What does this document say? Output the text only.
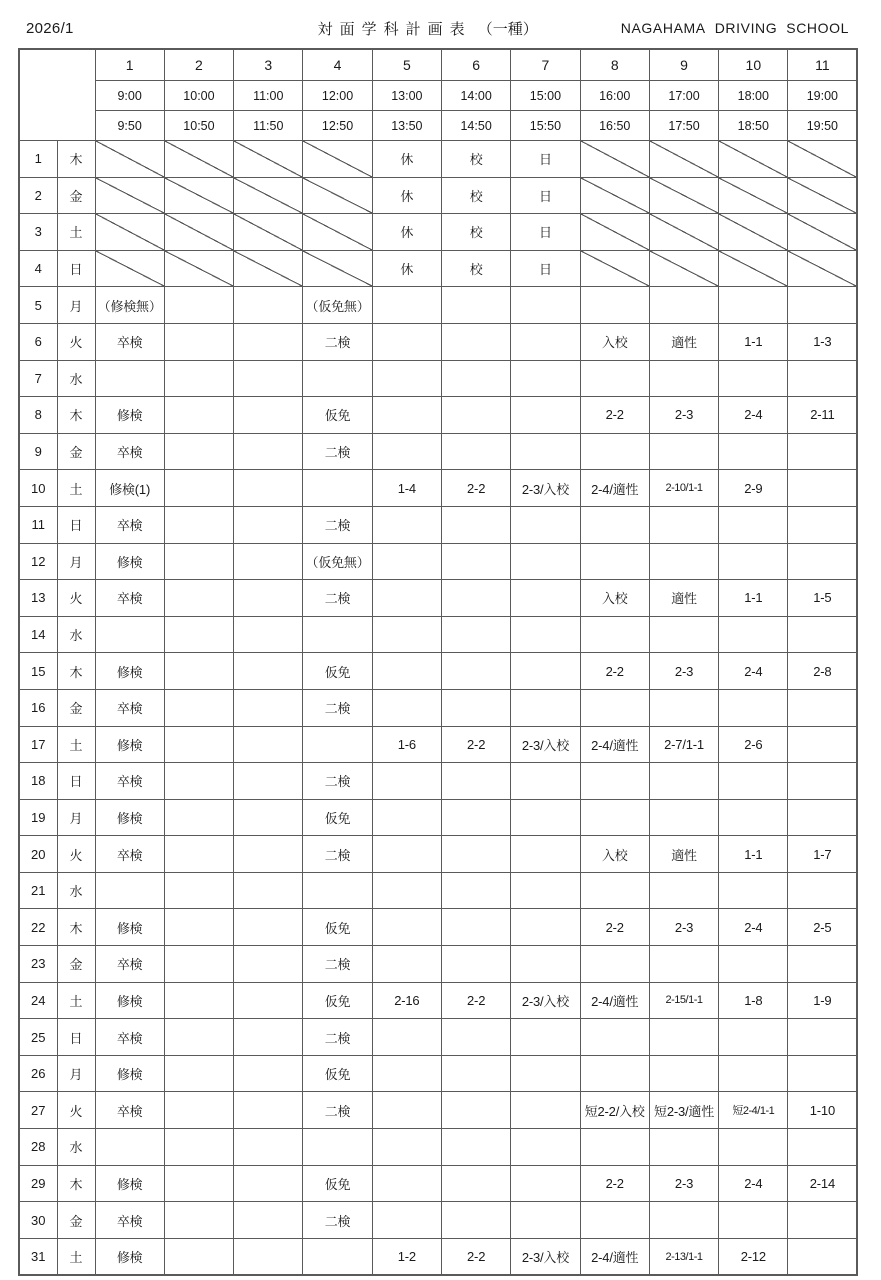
2026/1	対面学科計画表 （一種）	NAGAHAMA DRIVING SCHOOL
		1	2	3	4	5	6	7	8	9	10	11
		9:00	10:00	11:00	12:00	13:00	14:00	15:00	16:00	17:00	18:00	19:00
		9:50	10:50	11:50	12:50	13:50	14:50	15:50	16:50	17:50	18:50	19:50
1	木					休	校	日				
2	金					休	校	日				
3	土					休	校	日				
4	日					休	校	日				
5	月	（修検無）			（仮免無）							
6	火	卒検			二検				入校	適性	1-1	1-3
7	水											
8	木	修検			仮免				2-2	2-3	2-4	2-11
9	金	卒検			二検							
10	土	修検(1)				1-4	2-2	2-3/入校	2-4/適性	2-10/1-1	2-9	
11	日	卒検			二検							
12	月	修検			（仮免無）							
13	火	卒検			二検				入校	適性	1-1	1-5
14	水											
15	木	修検			仮免				2-2	2-3	2-4	2-8
16	金	卒検			二検							
17	土	修検				1-6	2-2	2-3/入校	2-4/適性	2-7/1-1	2-6	
18	日	卒検			二検							
19	月	修検			仮免							
20	火	卒検			二検				入校	適性	1-1	1-7
21	水											
22	木	修検			仮免				2-2	2-3	2-4	2-5
23	金	卒検			二検							
24	土	修検			仮免	2-16	2-2	2-3/入校	2-4/適性	2-15/1-1	1-8	1-9
25	日	卒検			二検							
26	月	修検			仮免							
27	火	卒検			二検				短2-2/入校	短2-3/適性	短2-4/1-1	1-10
28	水											
29	木	修検			仮免				2-2	2-3	2-4	2-14
30	金	卒検			二検							
31	土	修検				1-2	2-2	2-3/入校	2-4/適性	2-13/1-1	2-12	
